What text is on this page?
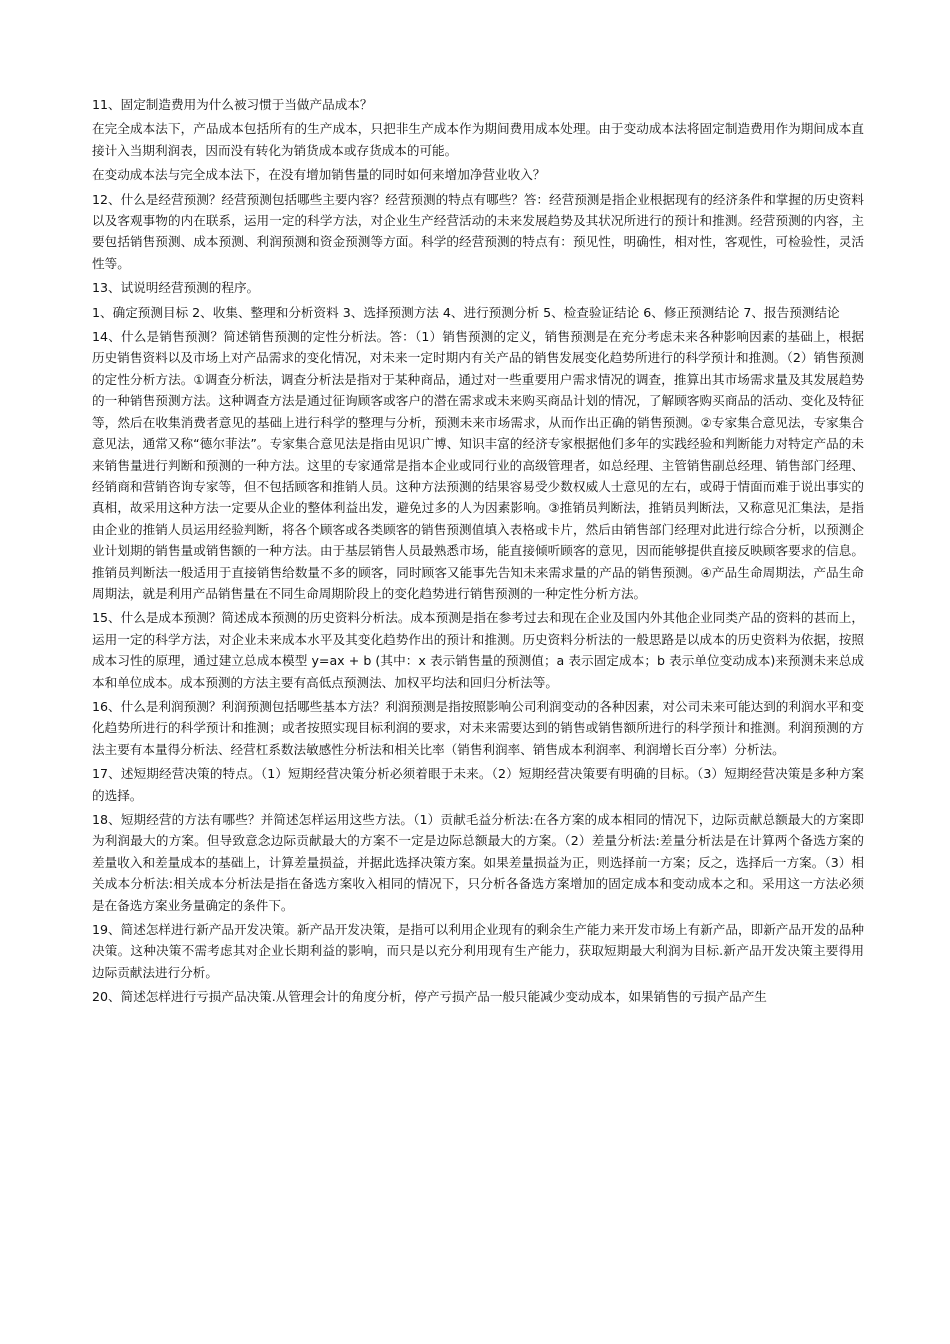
11、固定制造费用为什么被习惯于当做产品成本？

在完全成本法下，产品成本包括所有的生产成本，只把非生产成本作为期间费用成本处理。由于变动成本法将固定制造费用作为期间成本直接计入当期利润表，因而没有转化为销货成本或存货成本的可能。

在变动成本法与完全成本法下，在没有增加销售量的同时如何来增加净营业收入？

12、什么是经营预测？经营预测包括哪些主要内容？经营预测的特点有哪些？答：经营预测是指企业根据现有的经济条件和掌握的历史资料以及客观事物的内在联系，运用一定的科学方法，对企业生产经营活动的未来发展趋势及其状况所进行的预计和推测。经营预测的内容，主要包括销售预测、成本预测、利润预测和资金预测等方面。科学的经营预测的特点有：预见性，明确性，相对性，客观性，可检验性，灵活性等。

13、试说明经营预测的程序。

1、确定预测目标 2、收集、整理和分析资料 3、选择预测方法 4、进行预测分析 5、检查验证结论 6、修正预测结论 7、报告预测结论

14、什么是销售预测？简述销售预测的定性分析法。答：（1）销售预测的定义，销售预测是在充分考虑未来各种影响因素的基础上，根据历史销售资料以及市场上对产品需求的变化情况，对未来一定时期内有关产品的销售发展变化趋势所进行的科学预计和推测。（2）销售预测的定性分析方法。①调查分析法，调查分析法是指对于某种商品，通过对一些重要用户需求情况的调查，推算出其市场需求量及其发展趋势的一种销售预测方法。这种调查方法是通过征询顾客或客户的潜在需求或未来购买商品计划的情况，了解顾客购买商品的活动、变化及特征等，然后在收集消费者意见的基础上进行科学的整理与分析，预测未来市场需求，从而作出正确的销售预测。②专家集合意见法，专家集合意见法，通常又称“德尔菲法”。专家集合意见法是指由见识广博、知识丰富的经济专家根据他们多年的实践经验和判断能力对特定产品的未来销售量进行判断和预测的一种方法。这里的专家通常是指本企业或同行业的高级管理者，如总经理、主管销售副总经理、销售部门经理、经销商和营销咨询专家等，但不包括顾客和推销人员。这种方法预测的结果容易受少数权威人士意见的左右，或碍于情面而难于说出事实的真相，故采用这种方法一定要从企业的整体利益出发，避免过多的人为因素影响。③推销员判断法，推销员判断法，又称意见汇集法，是指由企业的推销人员运用经验判断，将各个顾客或各类顾客的销售预测值填入表格或卡片，然后由销售部门经理对此进行综合分析，以预测企业计划期的销售量或销售额的一种方法。由于基层销售人员最熟悉市场，能直接倾听顾客的意见，因而能够提供直接反映顾客要求的信息。推销员判断法一般适用于直接销售给数量不多的顾客，同时顾客又能事先告知未来需求量的产品的销售预测。④产品生命周期法，产品生命周期法，就是利用产品销售量在不同生命周期阶段上的变化趋势进行销售预测的一种定性分析方法。

15、什么是成本预测？简述成本预测的历史资料分析法。成本预测是指在参考过去和现在企业及国内外其他企业同类产品的资料的甚而上，运用一定的科学方法，对企业未来成本水平及其变化趋势作出的预计和推测。历史资料分析法的一般思路是以成本的历史资料为依据，按照成本习性的原理，通过建立总成本模型 y=ax + b (其中：x 表示销售量的预测值；a 表示固定成本；b 表示单位变动成本)来预测未来总成本和单位成本。成本预测的方法主要有高低点预测法、加权平均法和回归分析法等。

16、什么是利润预测？利润预测包括哪些基本方法？利润预测是指按照影响公司利润变动的各种因素，对公司未来可能达到的利润水平和变化趋势所进行的科学预计和推测；或者按照实现目标利润的要求，对未来需要达到的销售或销售额所进行的科学预计和推测。利润预测的方法主要有本量得分析法、经营杠系数法敏感性分析法和相关比率（销售利润率、销售成本利润率、利润增长百分率）分析法。

17、述短期经营决策的特点。（1）短期经营决策分析必须着眼于未来。（2）短期经营决策要有明确的目标。（3）短期经营决策是多种方案的选择。

18、短期经营的方法有哪些？并简述怎样运用这些方法。（1）贡献毛益分析法:在各方案的成本相同的情况下，边际贡献总额最大的方案即为利润最大的方案。但导致意念边际贡献最大的方案不一定是边际总额最大的方案。（2）差量分析法:差量分析法是在计算两个备选方案的差量收入和差量成本的基础上，计算差量损益，并据此选择决策方案。如果差量损益为正，则选择前一方案；反之，选择后一方案。（3）相关成本分析法:相关成本分析法是指在备选方案收入相同的情况下，只分析各备选方案增加的固定成本和变动成本之和。采用这一方法必须是在备选方案业务量确定的条件下。

19、简述怎样进行新产品开发决策。新产品开发决策，是指可以利用企业现有的剩余生产能力来开发市场上有新产品，即新产品开发的品种决策。这种决策不需考虑其对企业长期利益的影响，而只是以充分利用现有生产能力，获取短期最大利润为目标.新产品开发决策主要得用边际贡献法进行分析。

20、简述怎样进行亏损产品决策.从管理会计的角度分析，停产亏损产品一般只能减少变动成本，如果销售的亏损产品产生
